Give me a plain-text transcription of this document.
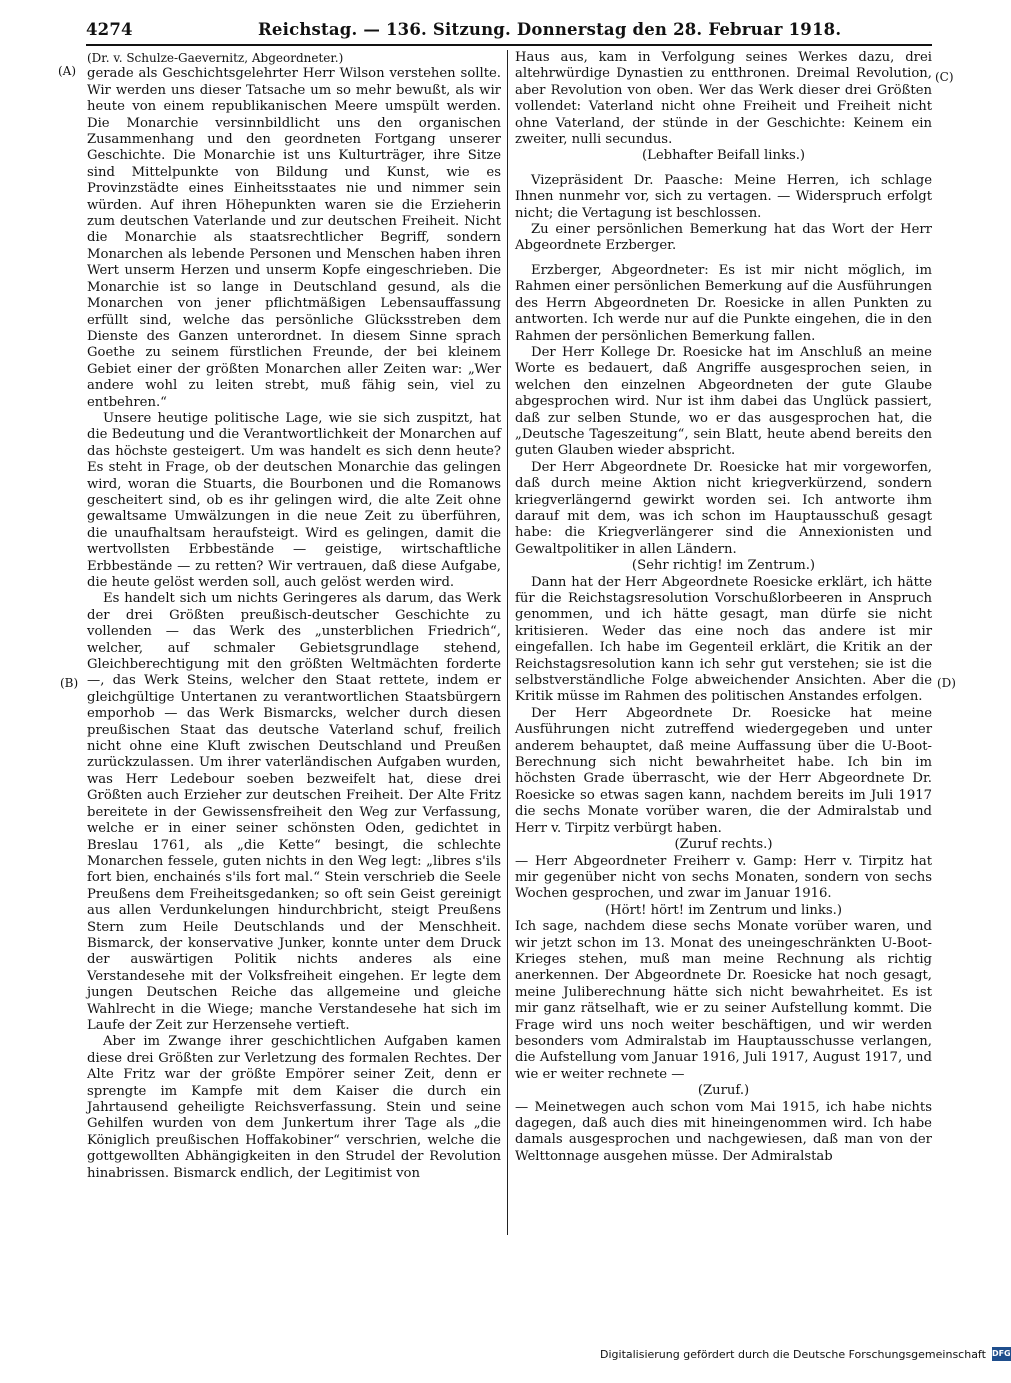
4274	Reichstag. — 136. Sitzung. Donnerstag den 28. Februar 1918.
(A)
(B)
(C)
(D)

(Dr. v. Schulze-Gaevernitz, Abgeordneter.)

gerade als Geschichtsgelehrter Herr Wilson verstehen sollte. Wir werden uns dieser Tatsache um so mehr bewußt, als wir heute von einem republikanischen Meere umspült werden. Die Monarchie versinnbildlicht uns den organischen Zusammenhang und den geordneten Fortgang unserer Geschichte. Die Monarchie ist uns Kulturträger, ihre Sitze sind Mittelpunkte von Bildung und Kunst, wie es Provinzstädte eines Einheitsstaates nie und nimmer sein würden. Auf ihren Höhepunkten waren sie die Erzieherin zum deutschen Vaterlande und zur deutschen Freiheit. Nicht die Monarchie als staatsrechtlicher Begriff, sondern Monarchen als lebende Personen und Menschen haben ihren Wert unserm Herzen und unserm Kopfe eingeschrieben. Die Monarchie ist so lange in Deutschland gesund, als die Monarchen von jener pflichtmäßigen Lebensauffassung erfüllt sind, welche das persönliche Glücksstreben dem Dienste des Ganzen unterordnet. In diesem Sinne sprach Goethe zu seinem fürstlichen Freunde, der bei kleinem Gebiet einer der größten Monarchen aller Zeiten war: „Wer andere wohl zu leiten strebt, muß fähig sein, viel zu entbehren.“

Unsere heutige politische Lage, wie sie sich zuspitzt, hat die Bedeutung und die Verantwortlichkeit der Monarchen auf das höchste gesteigert. Um was handelt es sich denn heute? Es steht in Frage, ob der deutschen Monarchie das gelingen wird, woran die Stuarts, die Bourbonen und die Romanows gescheitert sind, ob es ihr gelingen wird, die alte Zeit ohne gewaltsame Umwälzungen in die neue Zeit zu überführen, die unaufhaltsam heraufsteigt. Wird es gelingen, damit die wertvollsten Erbbestände — geistige, wirtschaftliche Erbbestände — zu retten? Wir vertrauen, daß diese Aufgabe, die heute gelöst werden soll, auch gelöst werden wird.

Es handelt sich um nichts Geringeres als darum, das Werk der drei Größten preußisch-deutscher Geschichte zu vollenden — das Werk des „unsterblichen Friedrich“, welcher, auf schmaler Gebietsgrundlage stehend, Gleichberechtigung mit den größten Weltmächten forderte —, das Werk Steins, welcher den Staat rettete, indem er gleichgültige Untertanen zu verantwortlichen Staatsbürgern emporhob — das Werk Bismarcks, welcher durch diesen preußischen Staat das deutsche Vaterland schuf, freilich nicht ohne eine Kluft zwischen Deutschland und Preußen zurückzulassen. Um ihrer vaterländischen Aufgaben wurden, was Herr Ledebour soeben bezweifelt hat, diese drei Größten auch Erzieher zur deutschen Freiheit. Der Alte Fritz bereitete in der Gewissensfreiheit den Weg zur Verfassung, welche er in einer seiner schönsten Oden, gedichtet in Breslau 1761, als „die Kette“ besingt, die schlechte Monarchen fessele, guten nichts in den Weg legt: „libres s'ils fort bien, enchainés s'ils fort mal.“ Stein verschrieb die Seele Preußens dem Freiheitsgedanken; so oft sein Geist gereinigt aus allen Verdunkelungen hindurchbricht, steigt Preußens Stern zum Heile Deutschlands und der Menschheit. Bismarck, der konservative Junker, konnte unter dem Druck der auswärtigen Politik nichts anderes als eine Verstandesehe mit der Volksfreiheit eingehen. Er legte dem jungen Deutschen Reiche das allgemeine und gleiche Wahlrecht in die Wiege; manche Verstandesehe hat sich im Laufe der Zeit zur Herzensehe vertieft.

Aber im Zwange ihrer geschichtlichen Aufgaben kamen diese drei Größten zur Verletzung des formalen Rechtes. Der Alte Fritz war der größte Empörer seiner Zeit, denn er sprengte im Kampfe mit dem Kaiser die durch ein Jahrtausend geheiligte Reichsverfassung. Stein und seine Gehilfen wurden von dem Junkertum ihrer Tage als „die Königlich preußischen Hoffakobiner“ verschrien, welche die gottgewollten Abhängigkeiten in den Strudel der Revolution hinabrissen. Bismarck endlich, der Legitimist von

Haus aus, kam in Verfolgung seines Werkes dazu, drei altehrwürdige Dynastien zu entthronen. Dreimal Revolution, aber Revolution von oben. Wer das Werk dieser drei Größten vollendet: Vaterland nicht ohne Freiheit und Freiheit nicht ohne Vaterland, der stünde in der Geschichte: Keinem ein zweiter, nulli secundus.

(Lebhafter Beifall links.)

Vizepräsident Dr. Paasche: Meine Herren, ich schlage Ihnen nunmehr vor, sich zu vertagen. — Widerspruch erfolgt nicht; die Vertagung ist beschlossen.

Zu einer persönlichen Bemerkung hat das Wort der Herr Abgeordnete Erzberger.

Erzberger, Abgeordneter: Es ist mir nicht möglich, im Rahmen einer persönlichen Bemerkung auf die Ausführungen des Herrn Abgeordneten Dr. Roesicke in allen Punkten zu antworten. Ich werde nur auf die Punkte eingehen, die in den Rahmen der persönlichen Bemerkung fallen.

Der Herr Kollege Dr. Roesicke hat im Anschluß an meine Worte es bedauert, daß Angriffe ausgesprochen seien, in welchen den einzelnen Abgeordneten der gute Glaube abgesprochen wird. Nur ist ihm dabei das Unglück passiert, daß zur selben Stunde, wo er das ausgesprochen hat, die „Deutsche Tageszeitung“, sein Blatt, heute abend bereits den guten Glauben wieder abspricht.

Der Herr Abgeordnete Dr. Roesicke hat mir vorgeworfen, daß durch meine Aktion nicht kriegverkürzend, sondern kriegverlängernd gewirkt worden sei. Ich antworte ihm darauf mit dem, was ich schon im Hauptausschuß gesagt habe: die Kriegverlängerer sind die Annexionisten und Gewaltpolitiker in allen Ländern.

(Sehr richtig! im Zentrum.)

Dann hat der Herr Abgeordnete Roesicke erklärt, ich hätte für die Reichstagsresolution Vorschußlorbeeren in Anspruch genommen, und ich hätte gesagt, man dürfe sie nicht kritisieren. Weder das eine noch das andere ist mir eingefallen. Ich habe im Gegenteil erklärt, die Kritik an der Reichstagsresolution kann ich sehr gut verstehen; sie ist die selbstverständliche Folge abweichender Ansichten. Aber die Kritik müsse im Rahmen des politischen Anstandes erfolgen.

Der Herr Abgeordnete Dr. Roesicke hat meine Ausführungen nicht zutreffend wiedergegeben und unter anderem behauptet, daß meine Auffassung über die U-Boot-Berechnung sich nicht bewahrheitet habe. Ich bin im höchsten Grade überrascht, wie der Herr Abgeordnete Dr. Roesicke so etwas sagen kann, nachdem bereits im Juli 1917 die sechs Monate vorüber waren, die der Admiralstab und Herr v. Tirpitz verbürgt haben.

(Zuruf rechts.)

— Herr Abgeordneter Freiherr v. Gamp: Herr v. Tirpitz hat mir gegenüber nicht von sechs Monaten, sondern von sechs Wochen gesprochen, und zwar im Januar 1916.

(Hört! hört! im Zentrum und links.)

Ich sage, nachdem diese sechs Monate vorüber waren, und wir jetzt schon im 13. Monat des uneingeschränkten U-Boot-Krieges stehen, muß man meine Rechnung als richtig anerkennen. Der Abgeordnete Dr. Roesicke hat noch gesagt, meine Juliberechnung hätte sich nicht bewahrheitet. Es ist mir ganz rätselhaft, wie er zu seiner Aufstellung kommt. Die Frage wird uns noch weiter beschäftigen, und wir werden besonders vom Admiralstab im Hauptausschusse verlangen, die Aufstellung vom Januar 1916, Juli 1917, August 1917, und wie er weiter rechnete —

(Zuruf.)

— Meinetwegen auch schon vom Mai 1915, ich habe nichts dagegen, daß auch dies mit hineingenommen wird. Ich habe damals ausgesprochen und nachgewiesen, daß man von der Welttonnage ausgehen müsse. Der Admiralstab

Digitalisierung gefördert durch die Deutsche Forschungsgemeinschaft DFG
